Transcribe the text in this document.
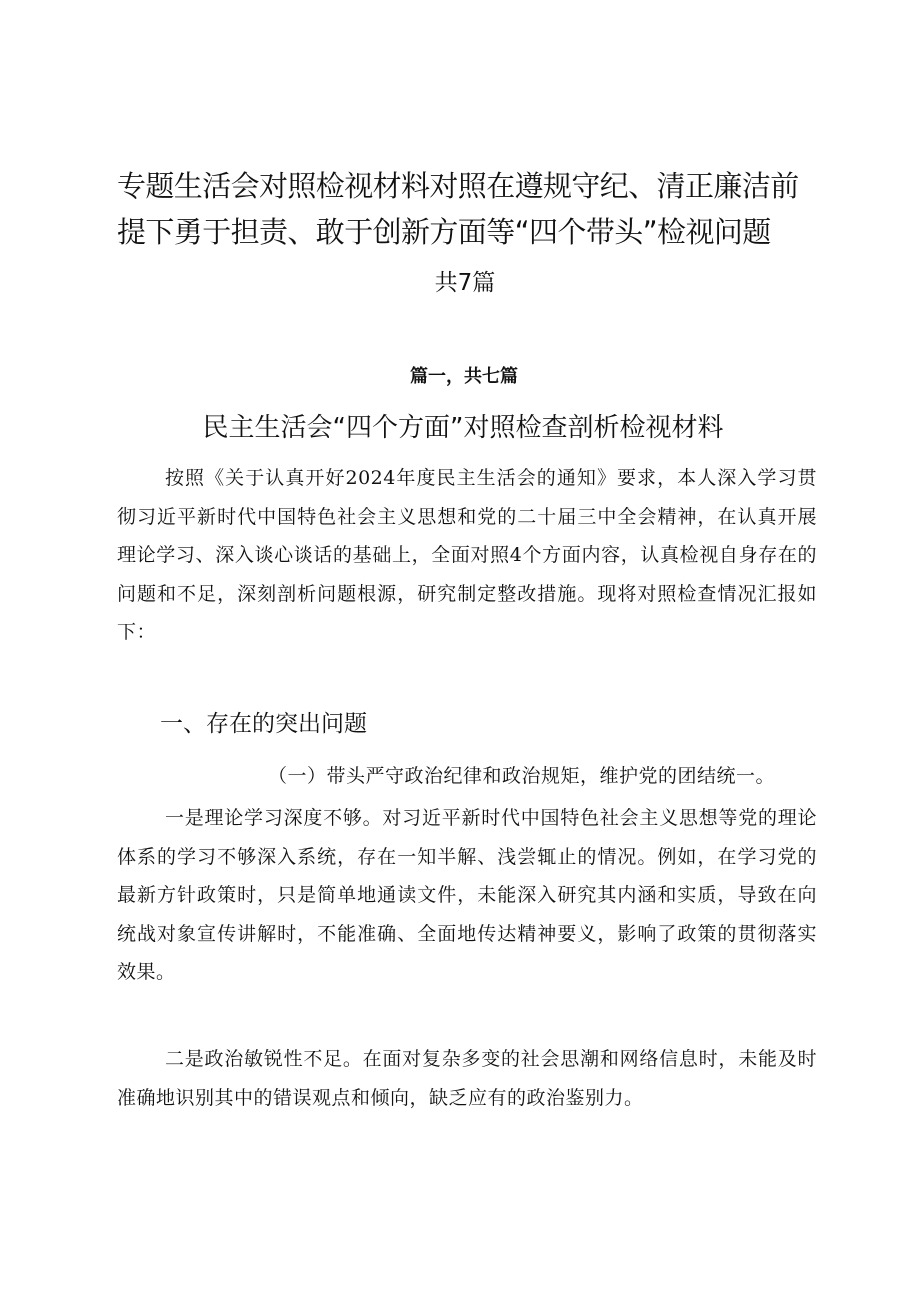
专题生活会对照检视材料对照在遵规守纪、清正廉洁前提下勇于担责、敢于创新方面等“四个带头”检视问题
共7篇
篇一，共七篇
民主生活会“四个方面”对照检查剖析检视材料

按照《关于认真开好2024年度民主生活会的通知》要求，本人深入学习贯彻习近平新时代中国特色社会主义思想和党的二十届三中全会精神，在认真开展理论学习、深入谈心谈话的基础上，全面对照4个方面内容，认真检视自身存在的问题和不足，深刻剖析问题根源，研究制定整改措施。现将对照检查情况汇报如下：

一、存在的突出问题
（一）带头严守政治纪律和政治规矩，维护党的团结统一。

一是理论学习深度不够。对习近平新时代中国特色社会主义思想等党的理论体系的学习不够深入系统，存在一知半解、浅尝辄止的情况。例如，在学习党的最新方针政策时，只是简单地通读文件，未能深入研究其内涵和实质，导致在向统战对象宣传讲解时，不能准确、全面地传达精神要义，影响了政策的贯彻落实效果。

二是政治敏锐性不足。在面对复杂多变的社会思潮和网络信息时，未能及时准确地识别其中的错误观点和倾向，缺乏应有的政治鉴别力。
